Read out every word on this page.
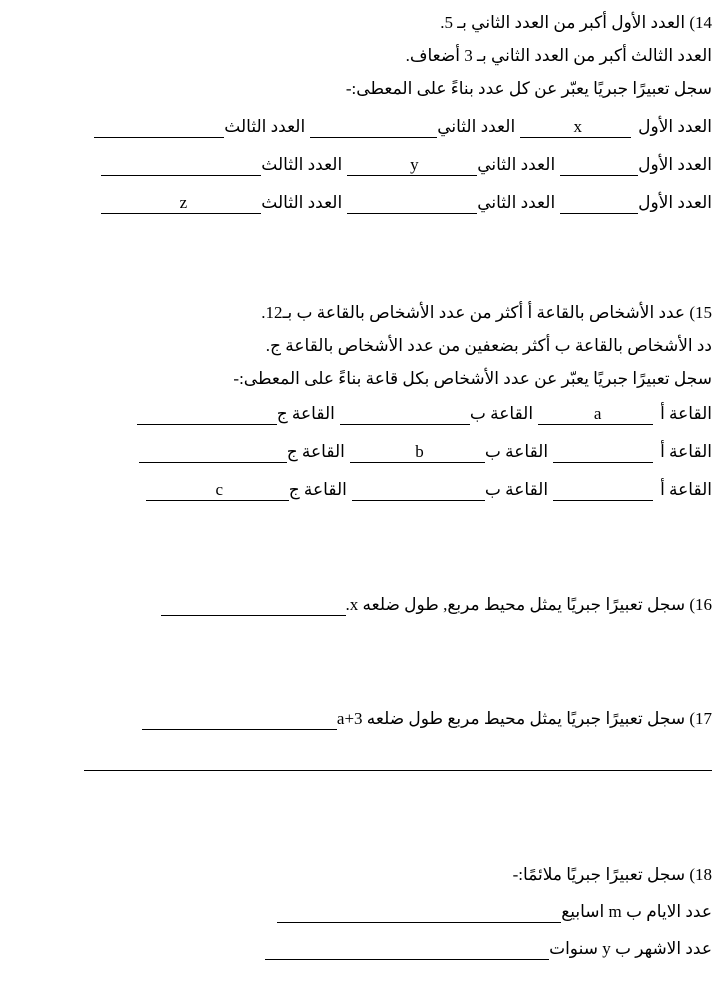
14) العدد الأول أكبر من العدد الثاني بـ 5.

العدد الثالث أكبر من العدد الثاني بـ 3 أضعاف.

سجل تعبيرًا جبريًا يعبّر عن كل عدد بناءً على المعطى:-

العدد الأولxالعدد الثانيالعدد الثالث
العدد الأولالعدد الثانيyالعدد الثالث
العدد الأولالعدد الثانيالعدد الثالثz

15) عدد الأشخاص بالقاعة أ أكثر من عدد الأشخاص بالقاعة ب بـ12.

دد الأشخاص بالقاعة ب أكثر بضعفين من عدد الأشخاص بالقاعة ج.

سجل تعبيرًا جبريًا يعبّر عن عدد الأشخاص بكل قاعة بناءً على المعطى:-

القاعة أaالقاعة بالقاعة ج
القاعة أالقاعة بbالقاعة ج
القاعة أالقاعة بالقاعة جc

16) سجل تعبيرًا جبريًا يمثل محيط مربع, طول ضلعه x.

17) سجل تعبيرًا جبريًا يمثل محيط مربع طول ضلعه a+3

18) سجل تعبيرًا جبريًا ملائمًا:-

عدد الايام ب m اسابيع

عدد الاشهر ب y سنوات
